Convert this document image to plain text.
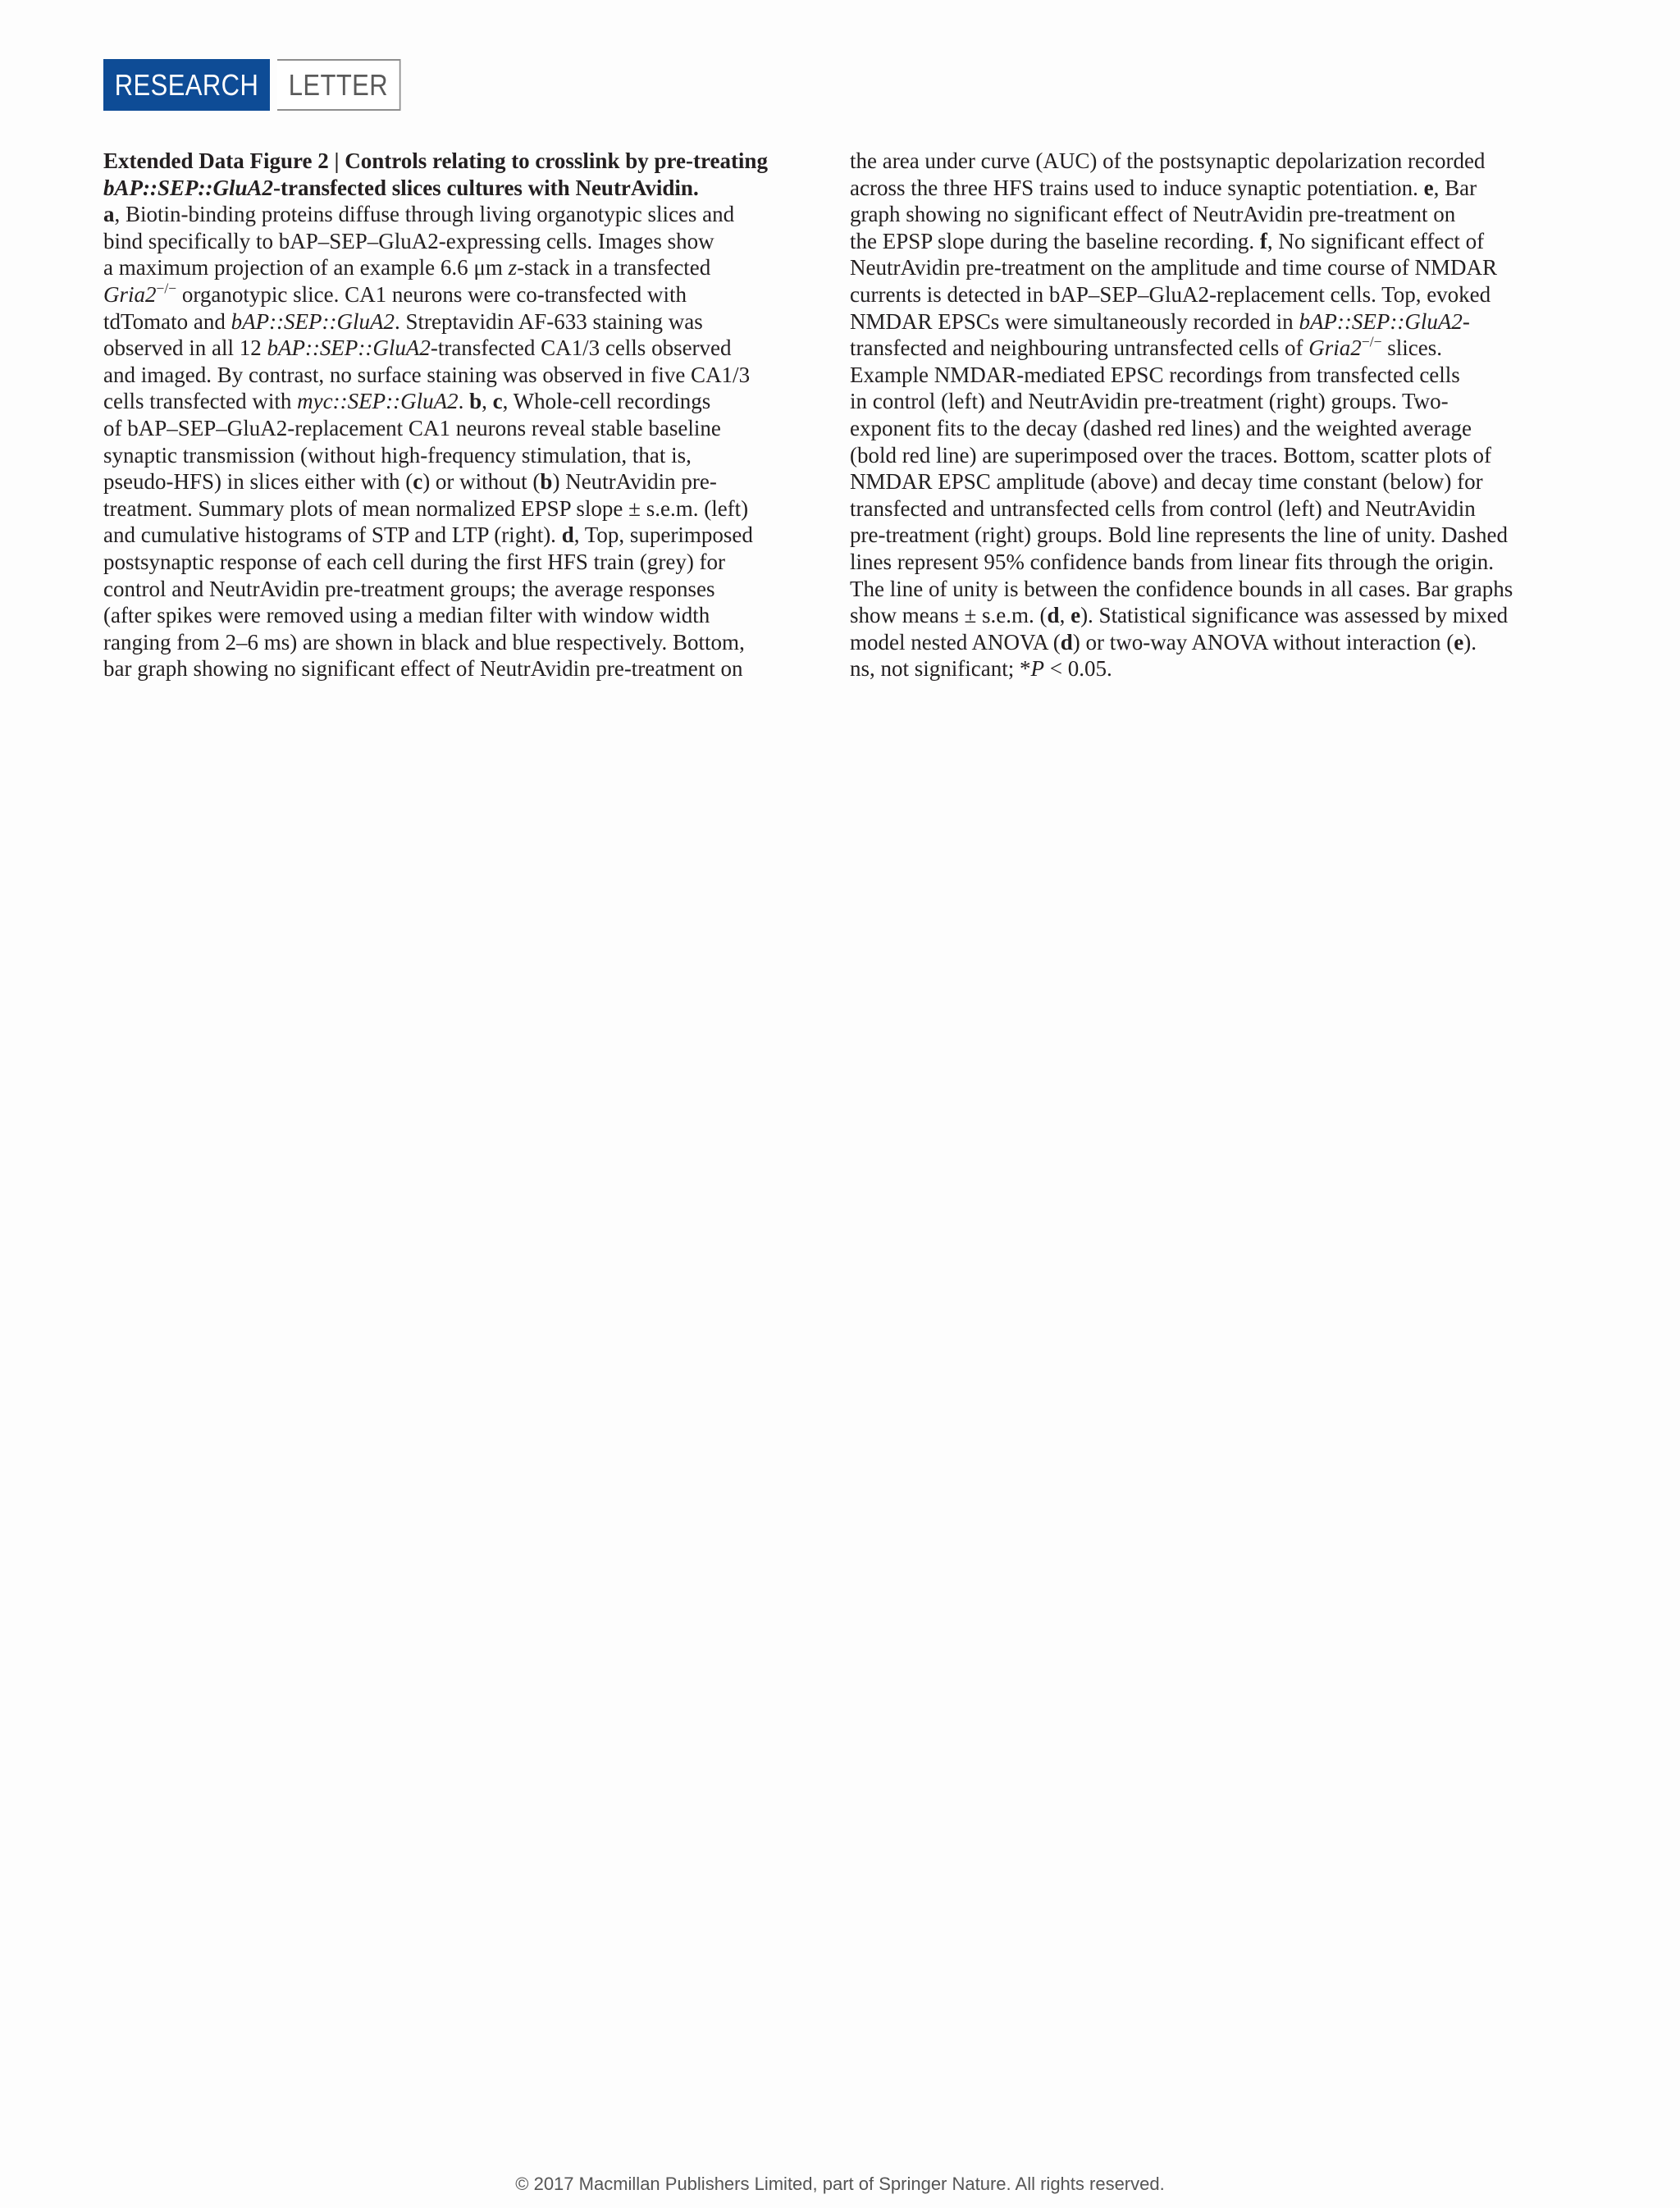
RESEARCH	LETTER
Extended Data Figure 2 | Controls relating to crosslink by pre-treating
bAP::SEP::GluA2-transfected slices cultures with NeutrAvidin.
a, Biotin-binding proteins diffuse through living organotypic slices and
bind specifically to bAP–SEP–GluA2-expressing cells. Images show
a maximum projection of an example 6.6 μm z-stack in a transfected
Gria2−/− organotypic slice. CA1 neurons were co-transfected with
tdTomato and bAP::SEP::GluA2. Streptavidin AF-633 staining was
observed in all 12 bAP::SEP::GluA2-transfected CA1/3 cells observed
and imaged. By contrast, no surface staining was observed in five CA1/3
cells transfected with myc::SEP::GluA2. b, c, Whole-cell recordings
of bAP–SEP–GluA2-replacement CA1 neurons reveal stable baseline
synaptic transmission (without high-frequency stimulation, that is,
pseudo-HFS) in slices either with (c) or without (b) NeutrAvidin pre-
treatment. Summary plots of mean normalized EPSP slope ± s.e.m. (left)
and cumulative histograms of STP and LTP (right). d, Top, superimposed
postsynaptic response of each cell during the first HFS train (grey) for
control and NeutrAvidin pre-treatment groups; the average responses
(after spikes were removed using a median filter with window width
ranging from 2–6 ms) are shown in black and blue respectively. Bottom,
bar graph showing no significant effect of NeutrAvidin pre-treatment on
the area under curve (AUC) of the postsynaptic depolarization recorded
across the three HFS trains used to induce synaptic potentiation. e, Bar
graph showing no significant effect of NeutrAvidin pre-treatment on
the EPSP slope during the baseline recording. f, No significant effect of
NeutrAvidin pre-treatment on the amplitude and time course of NMDAR
currents is detected in bAP–SEP–GluA2-replacement cells. Top, evoked
NMDAR EPSCs were simultaneously recorded in bAP::SEP::GluA2-
transfected and neighbouring untransfected cells of Gria2−/− slices.
Example NMDAR-mediated EPSC recordings from transfected cells
in control (left) and NeutrAvidin pre-treatment (right) groups. Two-
exponent fits to the decay (dashed red lines) and the weighted average
(bold red line) are superimposed over the traces. Bottom, scatter plots of
NMDAR EPSC amplitude (above) and decay time constant (below) for
transfected and untransfected cells from control (left) and NeutrAvidin
pre-treatment (right) groups. Bold line represents the line of unity. Dashed
lines represent 95% confidence bands from linear fits through the origin.
The line of unity is between the confidence bounds in all cases. Bar graphs
show means ± s.e.m. (d, e). Statistical significance was assessed by mixed
model nested ANOVA (d) or two-way ANOVA without interaction (e).
ns, not significant; *P < 0.05.
© 2017 Macmillan Publishers Limited, part of Springer Nature. All rights reserved.
